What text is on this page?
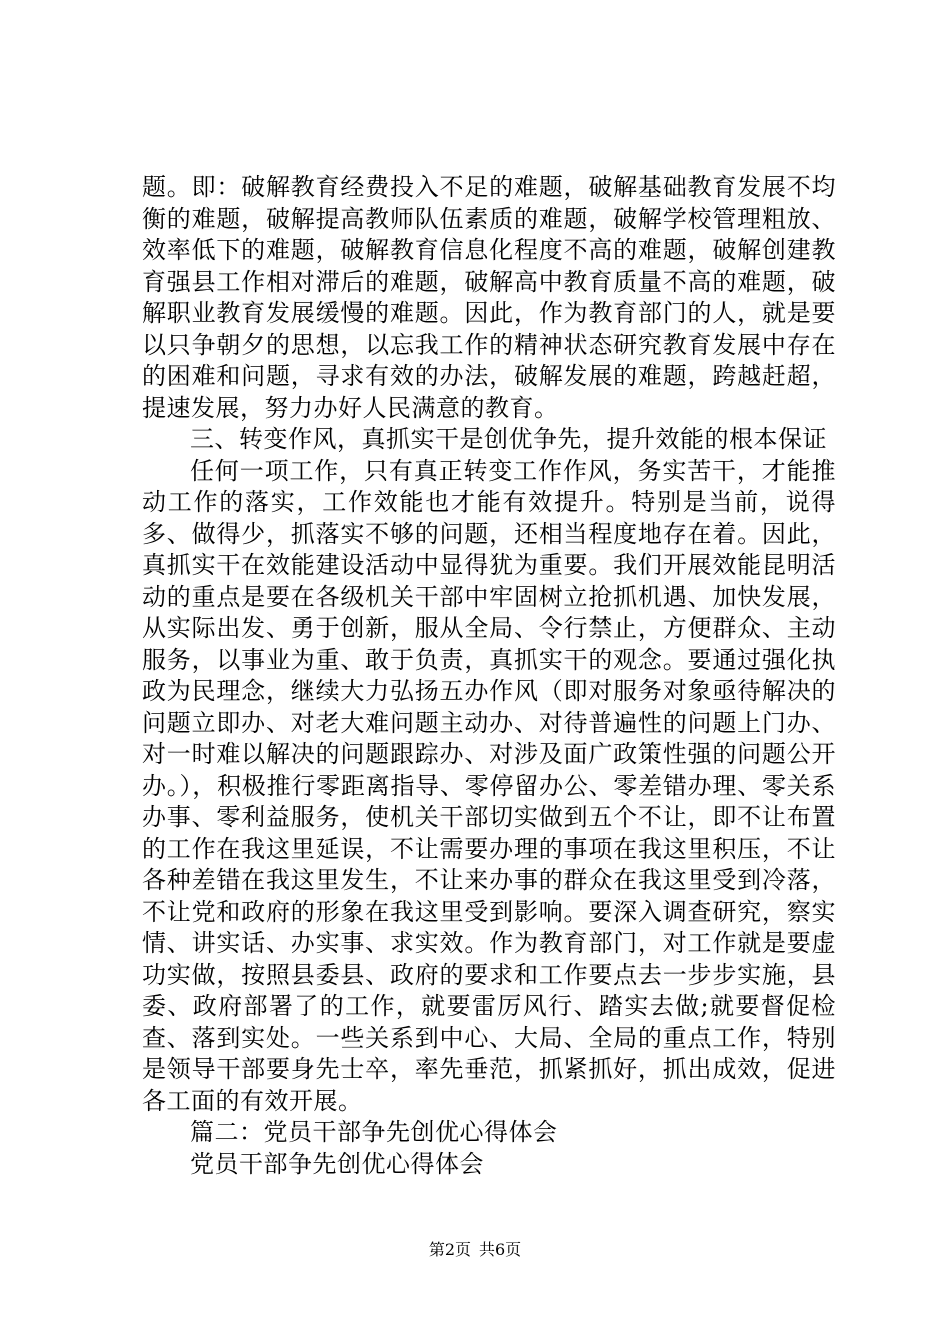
题。即：破解教育经费投入不足的难题，破解基础教育发展不均衡的难题，破解提高教师队伍素质的难题，破解学校管理粗放、效率低下的难题，破解教育信息化程度不高的难题，破解创建教育强县工作相对滞后的难题，破解高中教育质量不高的难题，破解职业教育发展缓慢的难题。因此，作为教育部门的人，就是要以只争朝夕的思想，以忘我工作的精神状态研究教育发展中存在的困难和问题，寻求有效的办法，破解发展的难题，跨越赶超，提速发展，努力办好人民满意的教育。

三、转变作风，真抓实干是创优争先，提升效能的根本保证

任何一项工作，只有真正转变工作作风，务实苦干，才能推动工作的落实，工作效能也才能有效提升。特别是当前，说得多、做得少，抓落实不够的问题，还相当程度地存在着。因此，真抓实干在效能建设活动中显得犹为重要。我们开展效能昆明活动的重点是要在各级机关干部中牢固树立抢抓机遇、加快发展，从实际出发、勇于创新，服从全局、令行禁止，方便群众、主动服务，以事业为重、敢于负责，真抓实干的观念。要通过强化执政为民理念，继续大力弘扬五办作风（即对服务对象亟待解决的问题立即办、对老大难问题主动办、对待普遍性的问题上门办、对一时难以解决的问题跟踪办、对涉及面广政策性强的问题公开办。），积极推行零距离指导、零停留办公、零差错办理、零关系办事、零利益服务，使机关干部切实做到五个不让，即不让布置的工作在我这里延误，不让需要办理的事项在我这里积压，不让各种差错在我这里发生，不让来办事的群众在我这里受到冷落，不让党和政府的形象在我这里受到影响。要深入调查研究，察实情、讲实话、办实事、求实效。作为教育部门，对工作就是要虚功实做，按照县委县、政府的要求和工作要点去一步步实施，县委、政府部署了的工作，就要雷厉风行、踏实去做;就要督促检查、落到实处。一些关系到中心、大局、全局的重点工作，特别是领导干部要身先士卒，率先垂范，抓紧抓好，抓出成效，促进各工面的有效开展。

篇二：党员干部争先创优心得体会

党员干部争先创优心得体会

第2页 共6页
